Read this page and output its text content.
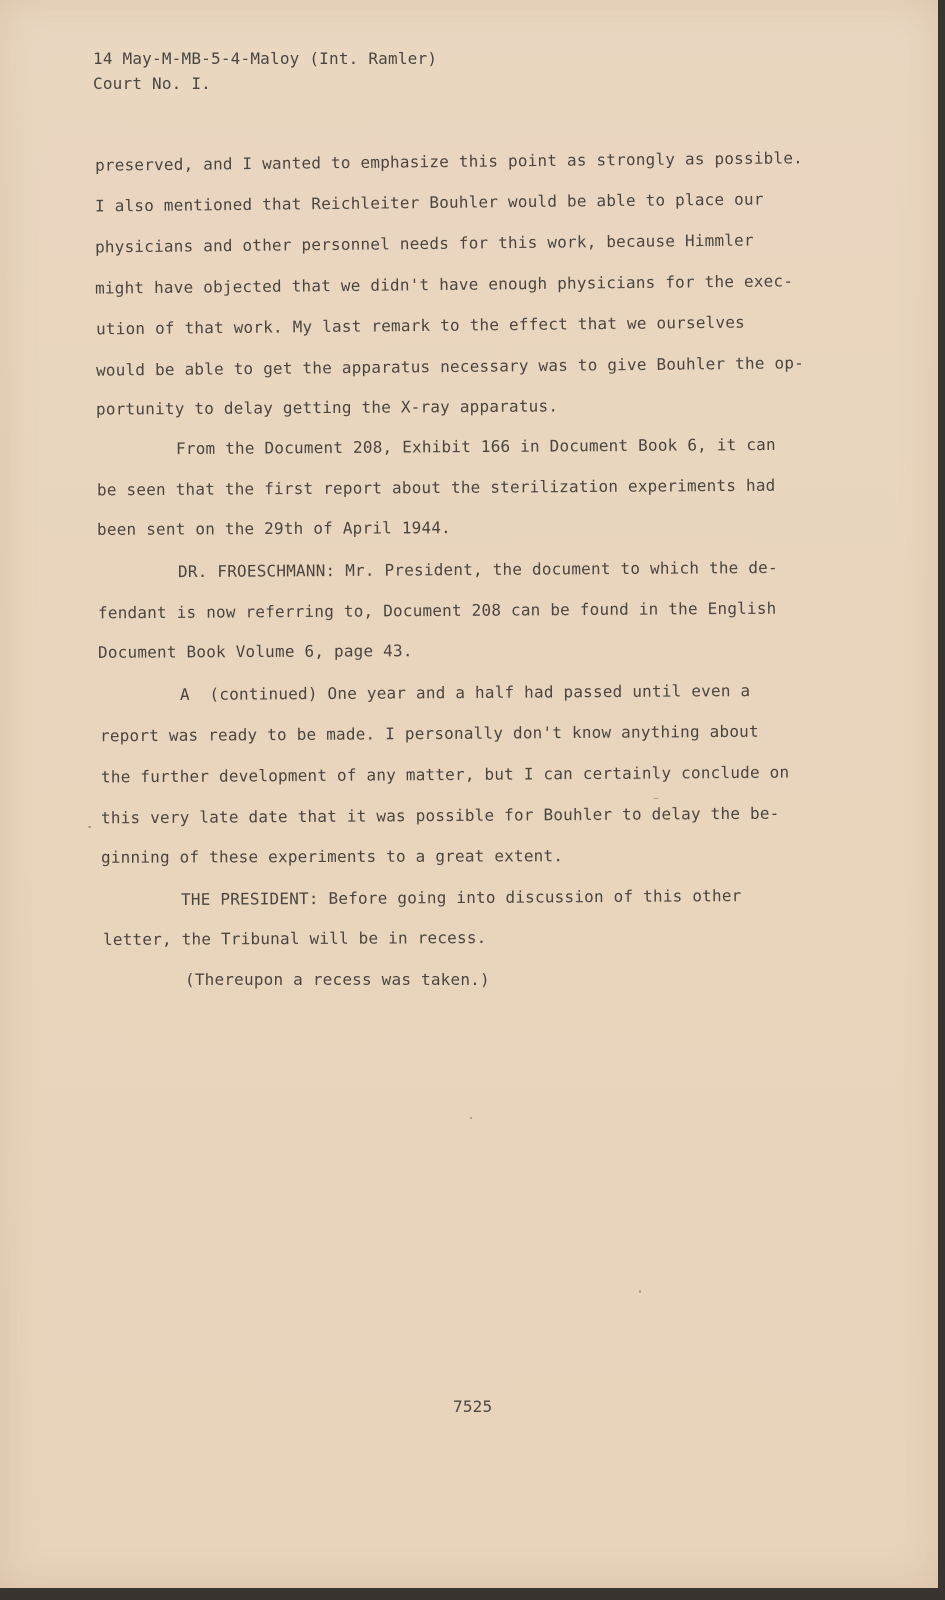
14 May-M-MB-5-4-Maloy (Int. Ramler)
Court No. I.
preserved, and I wanted to emphasize this point as strongly as possible.
I also mentioned that Reichleiter Bouhler would be able to place our
physicians and other personnel needs for this work, because Himmler
might have objected that we didn't have enough physicians for the exec-
ution of that work. My last remark to the effect that we ourselves
would be able to get the apparatus necessary was to give Bouhler the op-
portunity to delay getting the X-ray apparatus.
From the Document 208, Exhibit 166 in Document Book 6, it can
be seen that the first report about the sterilization experiments had
been sent on the 29th of April 1944.
DR. FROESCHMANN: Mr. President, the document to which the de-
fendant is now referring to, Document 208 can be found in the English
Document Book Volume 6, page 43.
A  (continued) One year and a half had passed until even a
report was ready to be made. I personally don't know anything about
the further development of any matter, but I can certainly conclude on
this very late date that it was possible for Bouhler to delay the be-
ginning of these experiments to a great extent.
THE PRESIDENT: Before going into discussion of this other
letter, the Tribunal will be in recess.
(Thereupon a recess was taken.)
7525
